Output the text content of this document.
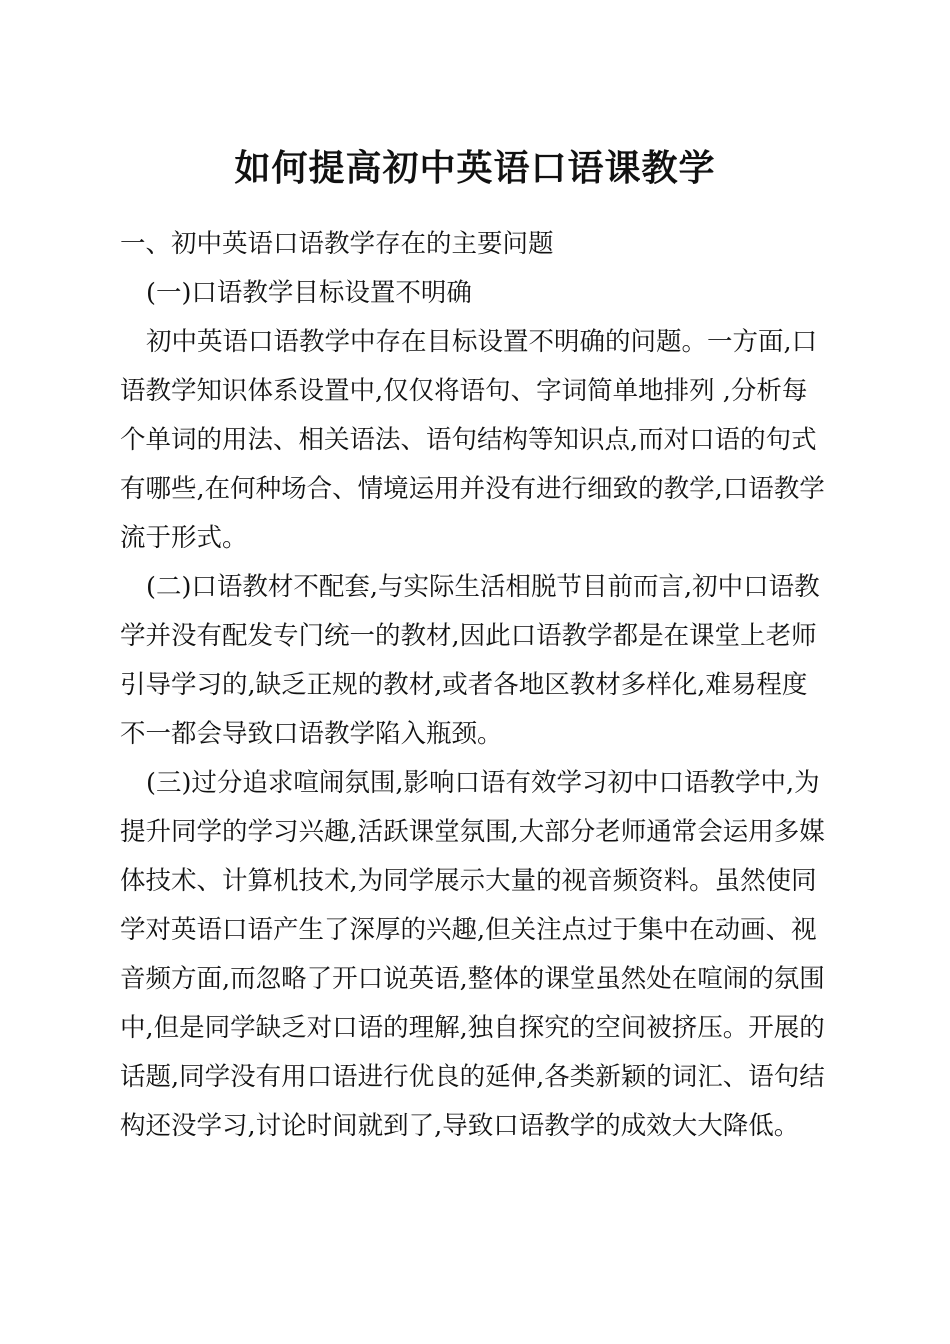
如何提高初中英语口语课教学
一、初中英语口语教学存在的主要问题
(一)口语教学目标设置不明确
初中英语口语教学中存在目标设置不明确的问题。一方面,口
语教学知识体系设置中,仅仅将语句、字词简单地排列 ,分析每
个单词的用法、相关语法、语句结构等知识点,而对口语的句式
有哪些,在何种场合、情境运用并没有进行细致的教学,口语教学
流于形式。
(二)口语教材不配套,与实际生活相脱节目前而言,初中口语教
学并没有配发专门统一的教材,因此口语教学都是在课堂上老师
引导学习的,缺乏正规的教材,或者各地区教材多样化,难易程度
不一都会导致口语教学陷入瓶颈。
(三)过分追求喧闹氛围,影响口语有效学习初中口语教学中,为
提升同学的学习兴趣,活跃课堂氛围,大部分老师通常会运用多媒
体技术、计算机技术,为同学展示大量的视音频资料。虽然使同
学对英语口语产生了深厚的兴趣,但关注点过于集中在动画、视
音频方面,而忽略了开口说英语,整体的课堂虽然处在喧闹的氛围
中,但是同学缺乏对口语的理解,独自探究的空间被挤压。开展的
话题,同学没有用口语进行优良的延伸,各类新颖的词汇、语句结
构还没学习,讨论时间就到了,导致口语教学的成效大大降低。
